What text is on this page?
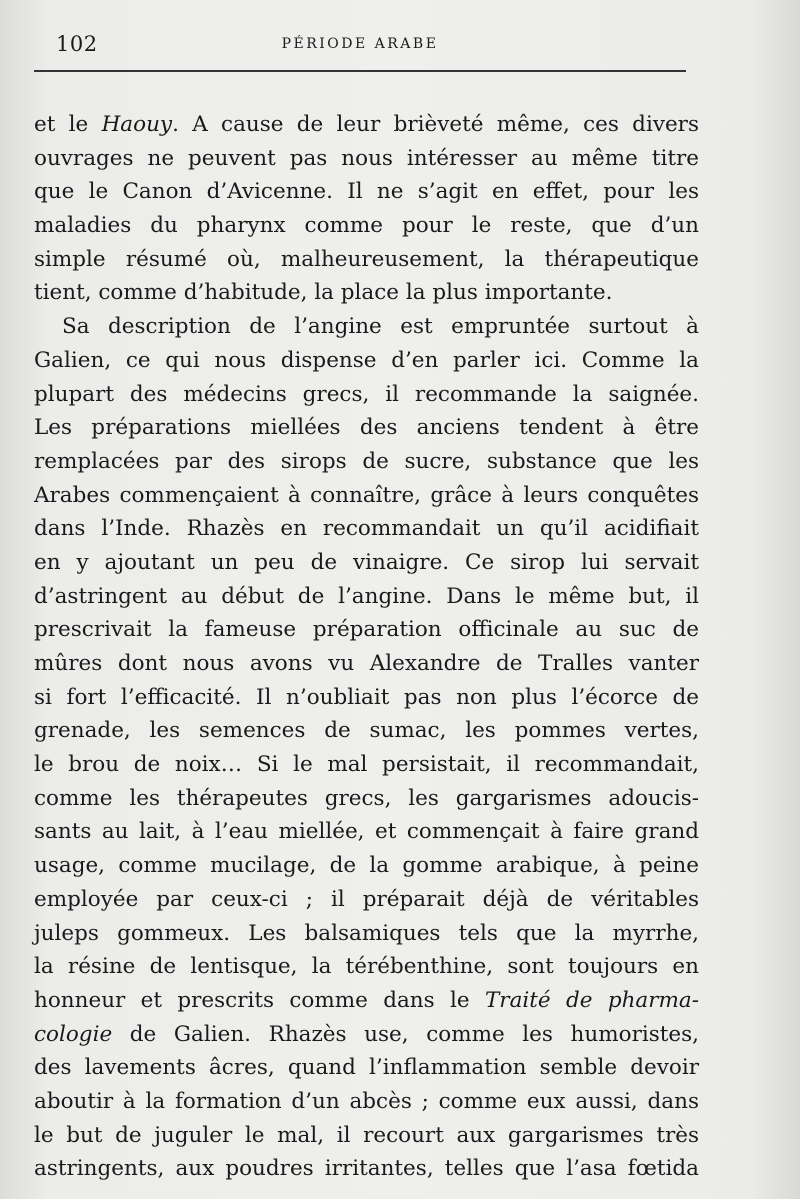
102	PÉRIODE ARABE
et le Haouy. A cause de leur brièveté même, ces divers
ouvrages ne peuvent pas nous intéresser au même titre
que le Canon d’Avicenne. Il ne s’agit en effet, pour les
maladies du pharynx comme pour le reste, que d’un
simple résumé où, malheureusement, la thérapeutique
tient, comme d’habitude, la place la plus importante.
Sa description de l’angine est empruntée surtout à
Galien, ce qui nous dispense d’en parler ici. Comme la
plupart des médecins grecs, il recommande la saignée.
Les préparations miellées des anciens tendent à être
remplacées par des sirops de sucre, substance que les
Arabes commençaient à connaître, grâce à leurs conquêtes
dans l’Inde. Rhazès en recommandait un qu’il acidifiait
en y ajoutant un peu de vinaigre. Ce sirop lui servait
d’astringent au début de l’angine. Dans le même but, il
prescrivait la fameuse préparation officinale au suc de
mûres dont nous avons vu Alexandre de Tralles vanter
si fort l’efficacité. Il n’oubliait pas non plus l’écorce de
grenade, les semences de sumac, les pommes vertes,
le brou de noix… Si le mal persistait, il recommandait,
comme les thérapeutes grecs, les gargarismes adoucis-
sants au lait, à l’eau miellée, et commençait à faire grand
usage, comme mucilage, de la gomme arabique, à peine
employée par ceux-ci ; il préparait déjà de véritables
juleps gommeux. Les balsamiques tels que la myrrhe,
la résine de lentisque, la térébenthine, sont toujours en
honneur et prescrits comme dans le Traité de pharma-
cologie de Galien. Rhazès use, comme les humoristes,
des lavements âcres, quand l’inflammation semble devoir
aboutir à la formation d’un abcès ; comme eux aussi, dans
le but de juguler le mal, il recourt aux gargarismes très
astringents, aux poudres irritantes, telles que l’asa fœtida
